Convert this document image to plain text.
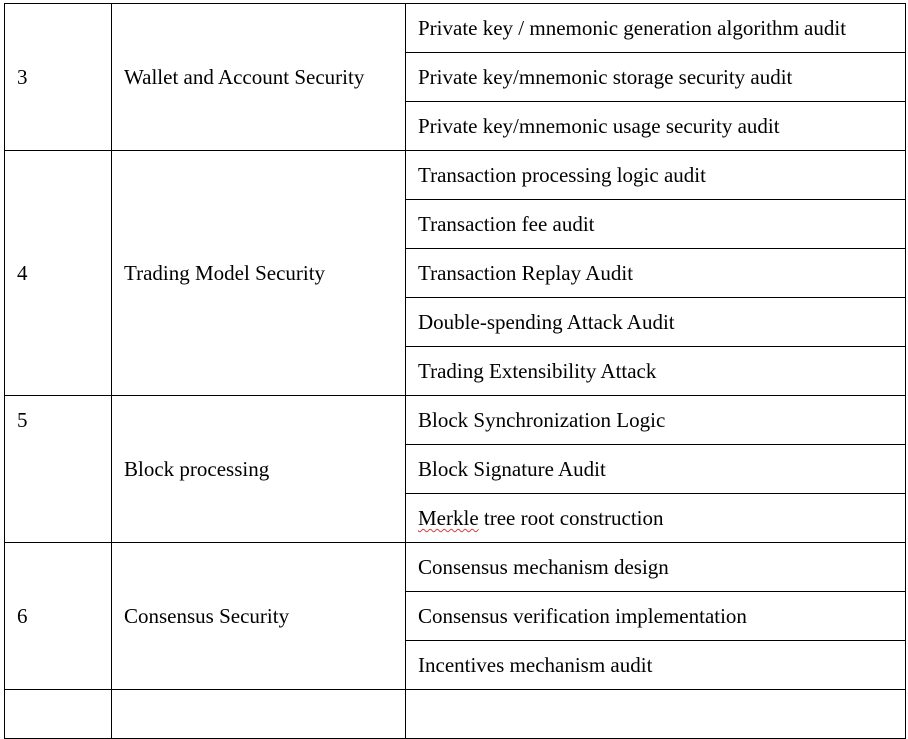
3	Wallet and Account Security	Private key / mnemonic generation algorithm audit
		Private key/mnemonic storage security audit
		Private key/mnemonic usage security audit
4	Trading Model Security	Transaction processing logic audit
		Transaction fee audit
		Transaction Replay Audit
		Double-spending Attack Audit
		Trading Extensibility Attack
5	Block processing	Block Synchronization Logic
		Block Signature Audit
		Merkle tree root construction
6	Consensus Security	Consensus mechanism design
		Consensus verification implementation
		Incentives mechanism audit
